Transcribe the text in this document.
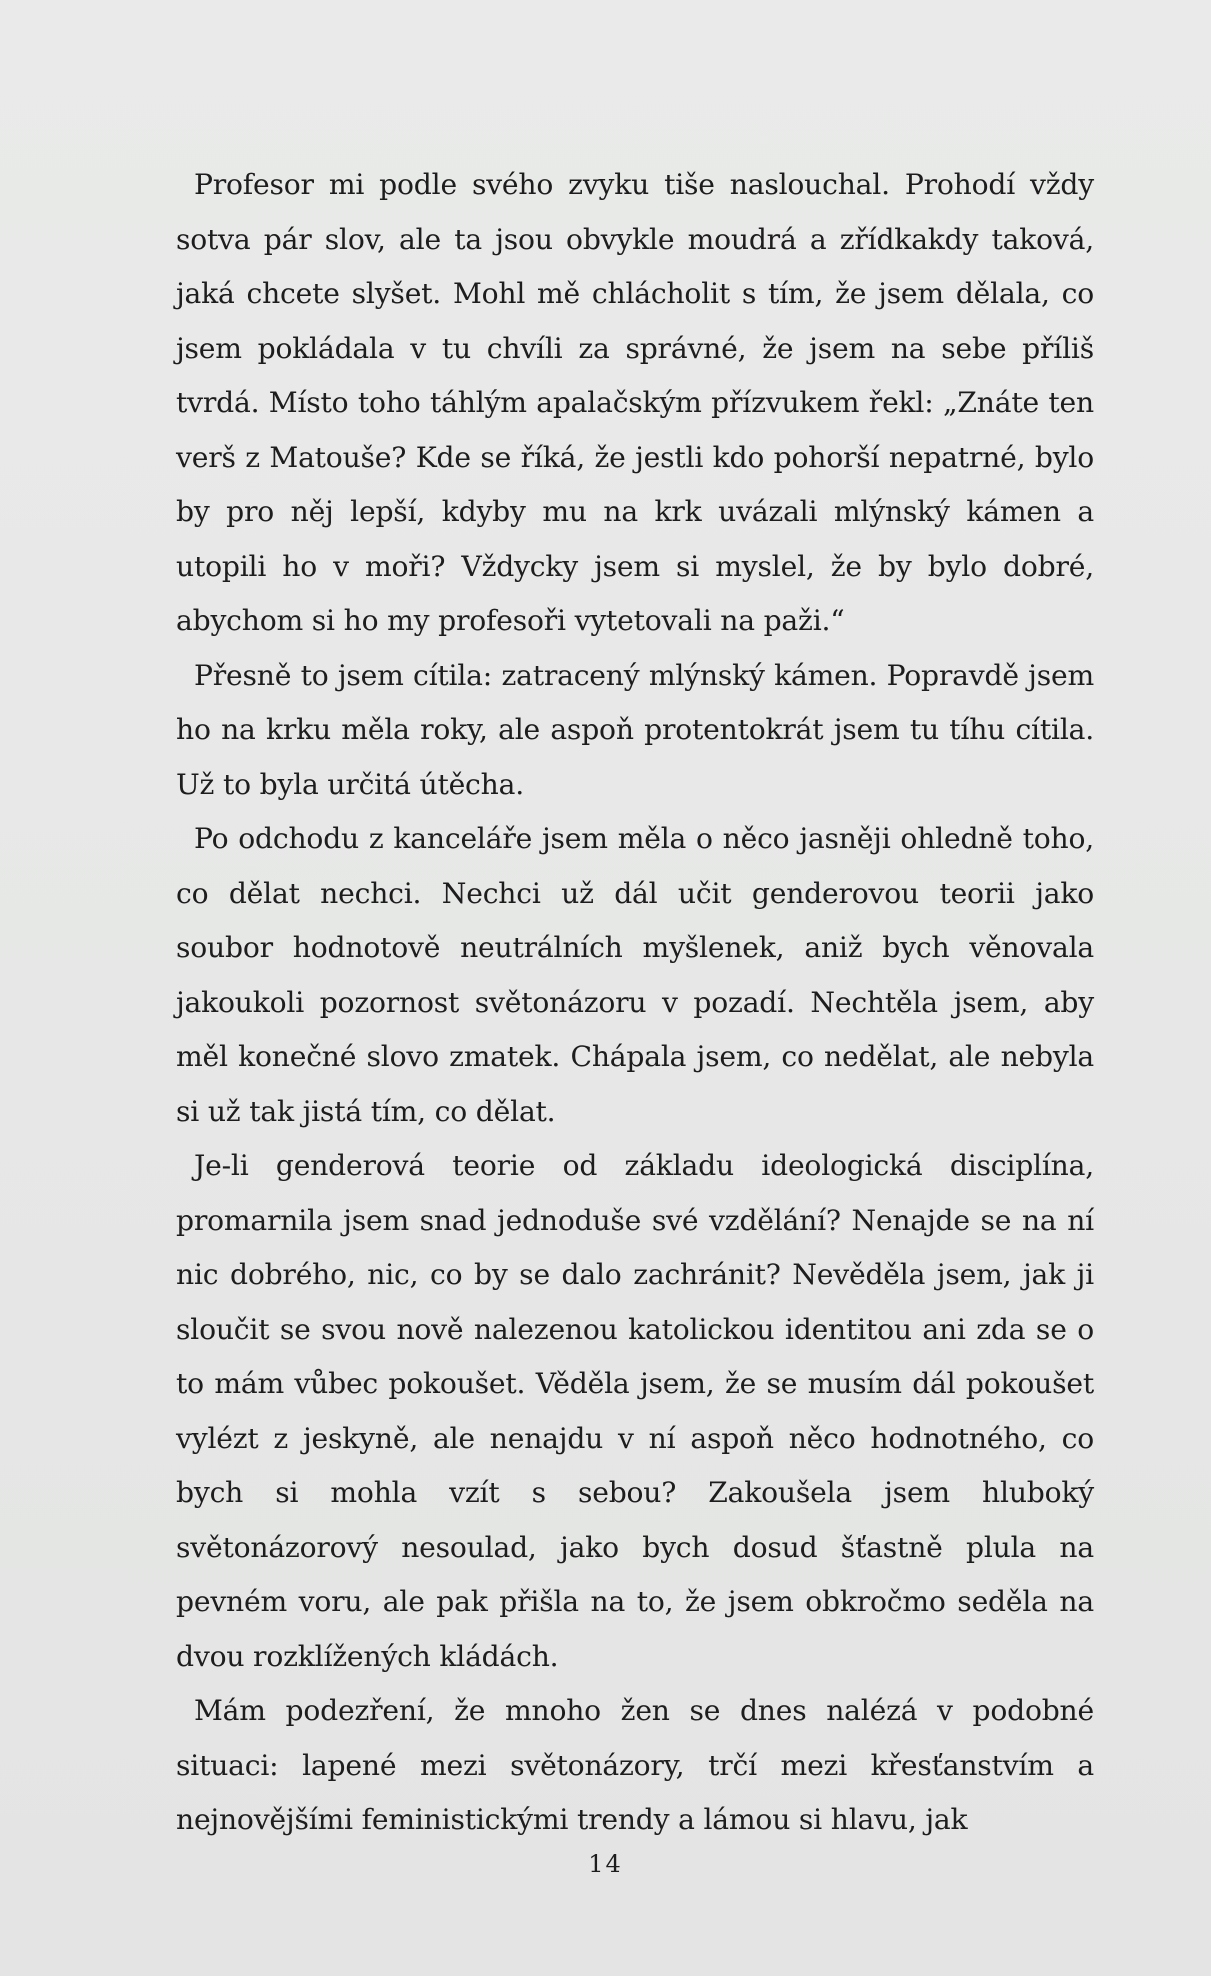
Profesor mi podle svého zvyku tiše naslouchal. Prohodí vždy sotva pár slov, ale ta jsou obvykle moudrá a zřídkakdy taková, jaká chcete slyšet. Mohl mě chlácholit s tím, že jsem dělala, co jsem pokládala v tu chvíli za správné, že jsem na sebe příliš tvrdá. Místo toho táhlým apalačským přízvukem řekl: „Znáte ten verš z Matouše? Kde se říká, že jestli kdo pohorší nepatrné, bylo by pro něj lepší, kdyby mu na krk uvázali mlýnský kámen a utopili ho v moři? Vždycky jsem si myslel, že by bylo dobré, abychom si ho my profesoři vytetovali na paži.“

Přesně to jsem cítila: zatracený mlýnský kámen. Popravdě jsem ho na krku měla roky, ale aspoň protentokrát jsem tu tíhu cítila. Už to byla určitá útěcha.

Po odchodu z kanceláře jsem měla o něco jasněji ohledně toho, co dělat nechci. Nechci už dál učit genderovou teorii jako soubor hodnotově neutrálních myšlenek, aniž bych věnovala jakoukoli pozornost světonázoru v pozadí. Nechtěla jsem, aby měl konečné slovo zmatek. Chápala jsem, co nedělat, ale nebyla si už tak jistá tím, co dělat.

Je-li genderová teorie od základu ideologická disciplína, promarnila jsem snad jednoduše své vzdělání? Nenajde se na ní nic dobrého, nic, co by se dalo zachránit? Nevěděla jsem, jak ji sloučit se svou nově nalezenou katolickou identitou ani zda se o to mám vůbec pokoušet. Věděla jsem, že se musím dál pokoušet vylézt z jeskyně, ale nenajdu v ní aspoň něco hodnotného, co bych si mohla vzít s sebou? Zakoušela jsem hluboký světonázorový nesoulad, jako bych dosud šťastně plula na pevném voru, ale pak přišla na to, že jsem obkročmo seděla na dvou rozklížených kládách.

Mám podezření, že mnoho žen se dnes nalézá v podobné situaci: lapené mezi světonázory, trčí mezi křesťanstvím a nejnovějšími feministickými trendy a lámou si hlavu, jak

14
